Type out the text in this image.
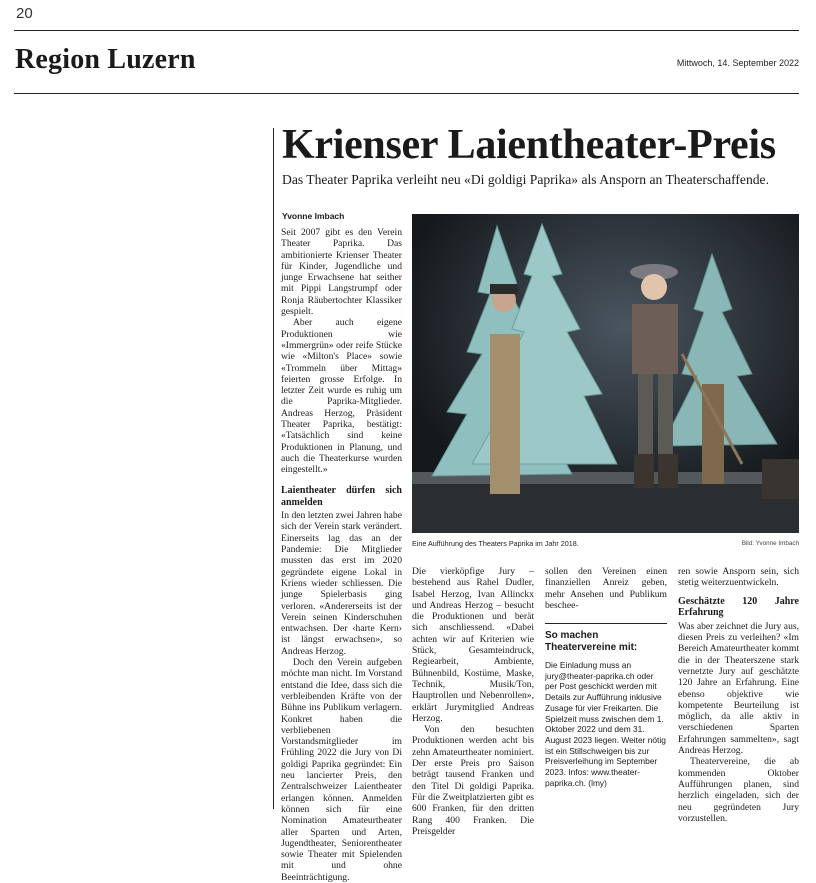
20
Region Luzern	Mittwoch, 14. September 2022
Krienser Laientheater-Preis
Das Theater Paprika verleiht neu «Di goldigi Paprika» als Ansporn an Theaterschaffende.
Yvonne Imbach

Seit 2007 gibt es den Verein Theater Paprika. Das ambitionierte Krienser Theater für Kinder, Jugendliche und junge Erwachsene hat seither mit Pippi Langstrumpf oder Ronja Räubertochter Klassiker gespielt.

Aber auch eigene Produktionen wie «Immergrün» oder reife Stücke wie «Milton's Place» sowie «Trommeln über Mittag» feierten grosse Erfolge. In letzter Zeit wurde es ruhig um die Paprika-Mitglieder. Andreas Herzog, Präsident Theater Paprika, bestätigt: «Tatsächlich sind keine Produktionen in Planung, und auch die Theaterkurse wurden eingestellt.»

Laientheater dürfen sich anmelden

In den letzten zwei Jahren habe sich der Verein stark verändert. Einerseits lag das an der Pandemie: Die Mitglieder mussten das erst im 2020 gegründete eigene Lokal in Kriens wieder schliessen. Die junge Spielerbasis ging verloren. «Andererseits ist der Verein seinen Kinderschuhen entwachsen. Der ‹harte Kern› ist längst erwachsen», so Andreas Herzog.

Doch den Verein aufgeben möchte man nicht. Im Vorstand entstand die Idee, dass sich die verbleibenden Kräfte von der Bühne ins Publikum verlagern. Konkret haben die verbliebenen Vorstandsmitglieder im Frühling 2022 die Jury von Di goldigi Paprika gegründet: Ein neu lancierter Preis, den Zentralschweizer Laientheater erlangen können. Anmelden können sich für eine Nomination Amateurtheater aller Sparten und Arten, Jugendtheater, Seniorentheater sowie Theater mit Spielenden mit und ohne Beeinträchtigung.

Eine Aufführung des Theaters Paprika im Jahr 2018.	Bild: Yvonne Imbach

Die vierköpfige Jury – bestehend aus Rahel Dudler, Isabel Herzog, Ivan Allinckx und Andreas Herzog – besucht die Produktionen und berät sich anschliessend. «Dabei achten wir auf Kriterien wie Stück, Gesamteindruck, Regiearbeit, Ambiente, Bühnenbild, Kostüme, Maske, Technik, Musik/Ton, Hauptrollen und Nebenrollen», erklärt Jurymitglied Andreas Herzog.

Von den besuchten Produktionen werden acht bis zehn Amateurtheater nominiert. Der erste Preis pro Saison beträgt tausend Franken und den Titel Di goldigi Paprika. Für die Zweitplatzierten gibt es 600 Franken, für den dritten Rang 400 Franken. Die Preisgelder

sollen den Vereinen einen finanziellen Anreiz geben, mehr Ansehen und Publikum beschee-

So machen Theatervereine mit:

Die Einladung muss an jury@theater-paprika.ch oder per Post geschickt werden mit Details zur Aufführung inklusive Zusage für vier Freikarten. Die Spielzeit muss zwischen dem 1. Oktober 2022 und dem 31. August 2023 liegen. Weiter nötig ist ein Stillschweigen bis zur Preisverleihung im September 2023. Infos: www.theater-paprika.ch. (lmy)

ren sowie Ansporn sein, sich stetig weiterzuentwickeln.

Geschätzte 120 Jahre Erfahrung

Was aber zeichnet die Jury aus, diesen Preis zu verleihen? «Im Bereich Amateurtheater kommt die in der Theaterszene stark vernetzte Jury auf geschätzte 120 Jahre an Erfahrung. Eine ebenso objektive wie kompetente Beurteilung ist möglich, da alle aktiv in verschiedenen Sparten Erfahrungen sammelten», sagt Andreas Herzog.

Theatervereine, die ab kommenden Oktober Aufführungen planen, sind herzlich eingeladen, sich der neu gegründeten Jury vorzustellen.
